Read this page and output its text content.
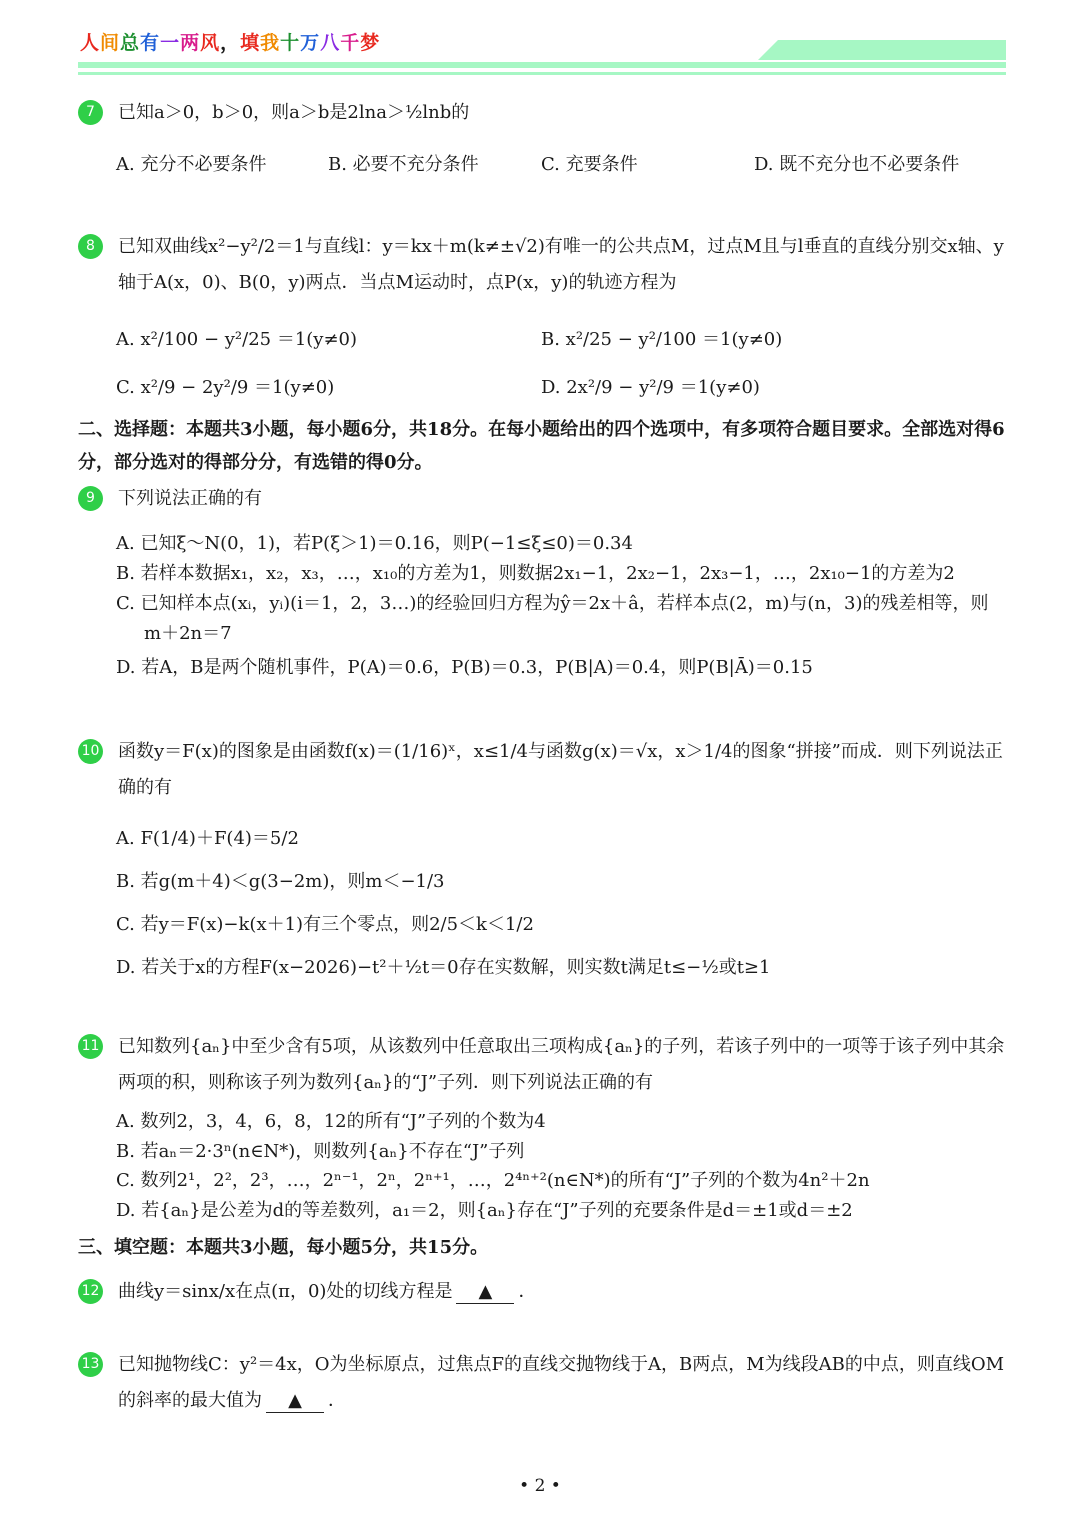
人间总有一两风，填我十万八千梦
7	已知a＞0，b＞0，则a＞b是2lna＞½lnb的
A. 充分不必要条件	B. 必要不充分条件	C. 充要条件	D. 既不充分也不必要条件
8	已知双曲线x²−y²/2＝1与直线l：y＝kx＋m(k≠±√2)有唯一的公共点M，过点M且与l垂直的直线分别交x轴、y轴于A(x，0)、B(0，y)两点．当点M运动时，点P(x，y)的轨迹方程为
A. x²/100 − y²/25 ＝1(y≠0)	B. x²/25 − y²/100 ＝1(y≠0)
C. x²/9 − 2y²/9 ＝1(y≠0)	D. 2x²/9 − y²/9 ＝1(y≠0)
二、选择题：本题共3小题，每小题6分，共18分。在每小题给出的四个选项中，有多项符合题目要求。全部选对得6分，部分选对的得部分分，有选错的得0分。
9	下列说法正确的有
A. 已知ξ～N(0，1)，若P(ξ＞1)＝0.16，则P(−1≤ξ≤0)＝0.34
B. 若样本数据x₁，x₂，x₃，…，x₁₀的方差为1，则数据2x₁−1，2x₂−1，2x₃−1，…，2x₁₀−1的方差为2
C. 已知样本点(xᵢ，yᵢ)(i＝1，2，3…)的经验回归方程为ŷ＝2x＋â，若样本点(2，m)与(n，3)的残差相等，则
m＋2n＝7
D. 若A，B是两个随机事件，P(A)＝0.6，P(B)＝0.3，P(B|A)＝0.4，则P(B|Ā)＝0.15
10 函数y＝F(x)的图象是由函数f(x)＝(1/16)ˣ，x≤1/4与函数g(x)＝√x，x＞1/4的图象“拼接”而成．则下列说法正确的有
A. F(1/4)＋F(4)＝5/2
B. 若g(m＋4)＜g(3−2m)，则m＜−1/3
C. 若y＝F(x)−k(x＋1)有三个零点，则2/5＜k＜1/2
D. 若关于x的方程F(x−2026)−t²＋½t＝0存在实数解，则实数t满足t≤−½或t≥1
11 已知数列{aₙ}中至少含有5项，从该数列中任意取出三项构成{aₙ}的子列，若该子列中的一项等于该子列中其余两项的积，则称该子列为数列{aₙ}的“J”子列．则下列说法正确的有
A. 数列2，3，4，6，8，12的所有“J”子列的个数为4
B. 若aₙ＝2·3ⁿ(n∈N*)，则数列{aₙ}不存在“J”子列
C. 数列2¹，2²，2³，…，2ⁿ⁻¹，2ⁿ，2ⁿ⁺¹，…，2⁴ⁿ⁺²(n∈N*)的所有“J”子列的个数为4n²＋2n
D. 若{aₙ}是公差为d的等差数列，a₁＝2，则{aₙ}存在“J”子列的充要条件是d＝±1或d＝±2
三、填空题：本题共3小题，每小题5分，共15分。
12 曲线y＝sinx/x在点(π，0)处的切线方程是 ▲ ．
13 已知抛物线C：y²＝4x，O为坐标原点，过焦点F的直线交抛物线于A，B两点，M为线段AB的中点，则直线OM的斜率的最大值为 ▲ ．
• 2 •
